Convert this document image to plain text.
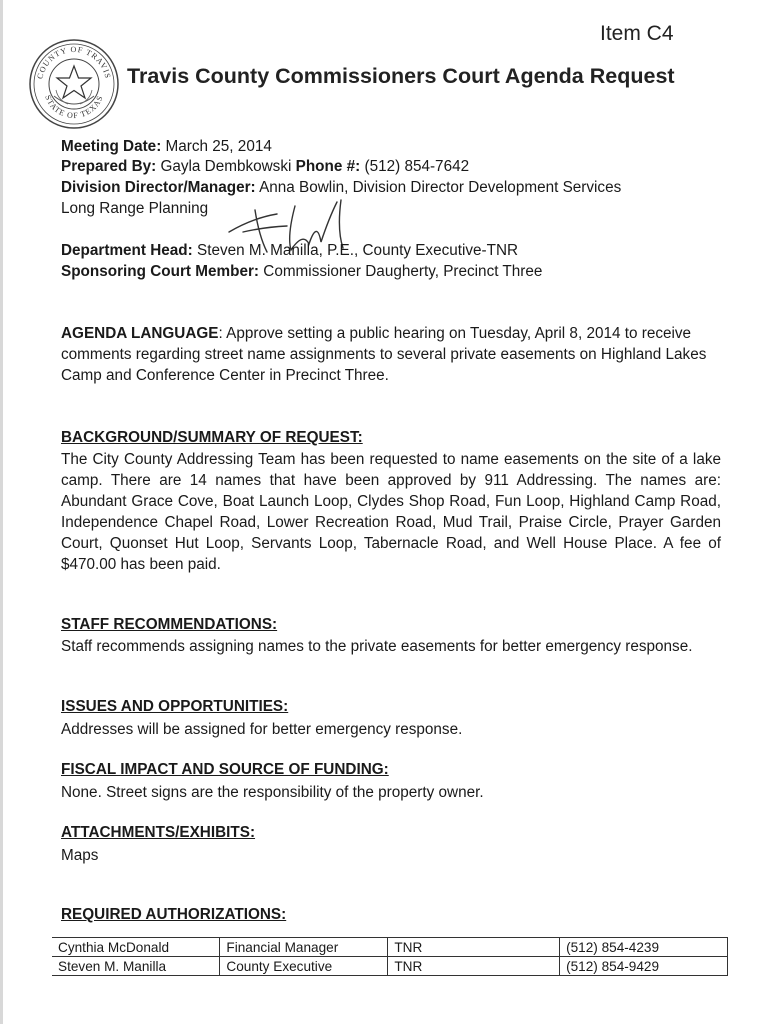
Item C4
COUNTY OF TRAVIS
STATE OF TEXAS
Travis County Commissioners Court Agenda Request
Meeting Date: March 25, 2014
Prepared By: Gayla Dembkowski Phone #: (512) 854-7642
Division Director/Manager: Anna Bowlin, Division Director Development Services
Long Range Planning
Department Head: Steven M. Manilla, P.E., County Executive-TNR
Sponsoring Court Member: Commissioner Daugherty, Precinct Three
AGENDA LANGUAGE: Approve setting a public hearing on Tuesday, April 8, 2014 to receive comments regarding street name assignments to several private easements on Highland Lakes Camp and Conference Center in Precinct Three.
BACKGROUND/SUMMARY OF REQUEST:
The City County Addressing Team has been requested to name easements on the site of a lake camp. There are 14 names that have been approved by 911 Addressing. The names are: Abundant Grace Cove, Boat Launch Loop, Clydes Shop Road, Fun Loop, Highland Camp Road, Independence Chapel Road, Lower Recreation Road, Mud Trail, Praise Circle, Prayer Garden Court, Quonset Hut Loop, Servants Loop, Tabernacle Road, and Well House Place. A fee of $470.00 has been paid.
STAFF RECOMMENDATIONS:
Staff recommends assigning names to the private easements for better emergency response.
ISSUES AND OPPORTUNITIES:
Addresses will be assigned for better emergency response.
FISCAL IMPACT AND SOURCE OF FUNDING:
None. Street signs are the responsibility of the property owner.
ATTACHMENTS/EXHIBITS:
Maps
REQUIRED AUTHORIZATIONS:
Cynthia McDonald	Financial Manager	TNR	(512) 854-4239
Steven M. Manilla	County Executive	TNR	(512) 854-9429
